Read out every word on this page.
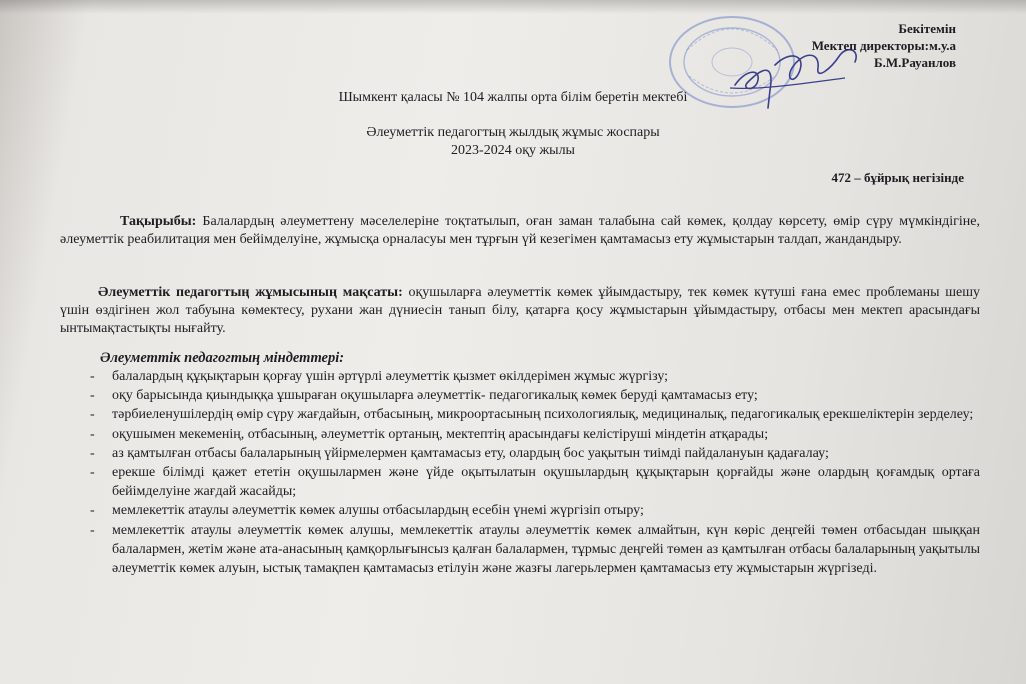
Бекітемін
Мектеп директоры:м.у.а
Б.М.Рауанлов
Шымкент қаласы № 104 жалпы орта білім беретін мектебі
Әлеуметтік педагогтың жылдық жұмыс жоспары
2023-2024 оқу жылы
472 – бұйрық негізінде
Тақырыбы: Балалардың әлеуметтену мәселелеріне тоқтатылып, оған заман талабына сай көмек, қолдау көрсету, өмір сүру мүмкіндігіне, әлеуметтік реабилитация мен бейімделуіне, жұмысқа орналасуы мен тұрғын үй кезегімен қамтамасыз ету жұмыстарын талдап, жандандыру.
Әлеуметтік педагогтың жұмысының мақсаты: оқушыларға әлеуметтік көмек ұйымдастыру, тек көмек күтуші ғана емес проблеманы шешу үшін өздігінен жол табуына көмектесу, рухани жан дүниесін танып білу, қатарға қосу жұмыстарын ұйымдастыру, отбасы мен мектеп арасындағы ынтымақтастықты нығайту.
Әлеуметтік педагогтың міндеттері:
- балалардың құқықтарын қорғау үшін әртүрлі әлеуметтік қызмет өкілдерімен жұмыс жүргізу;
- оқу барысында қиындыққа ұшыраған оқушыларға әлеуметтік- педагогикалық көмек беруді қамтамасыз ету;
- тәрбиеленушілердің өмір сүру жағдайын, отбасының, микроортасының психологиялық, медициналық, педагогикалық ерекшеліктерін зерделеу;
- оқушымен мекеменің, отбасының, әлеуметтік ортаның, мектептің арасындағы келістіруші міндетін атқарады;
- аз қамтылған отбасы балаларының үйірмелермен қамтамасыз ету, олардың бос уақытын тиімді пайдалануын қадағалау;
- ерекше білімді қажет ететін оқушылармен және үйде оқытылатын оқушылардың құқықтарын қорғайды және олардың қоғамдық ортаға бейімделуіне жағдай жасайды;
- мемлекеттік атаулы әлеуметтік көмек алушы отбасылардың есебін үнемі жүргізіп отыру;
- мемлекеттік атаулы әлеуметтік көмек алушы, мемлекеттік атаулы әлеуметтік көмек алмайтын, күн көріс деңгейі төмен отбасыдан шыққан балалармен, жетім және ата-анасының қамқорлығынсыз қалған балалармен, тұрмыс деңгейі төмен аз қамтылған отбасы балаларының уақытылы әлеуметтік көмек алуын, ыстық тамақпен қамтамасыз етілуін және жазғы лагерьлермен қамтамасыз ету жұмыстарын жүргізеді.
